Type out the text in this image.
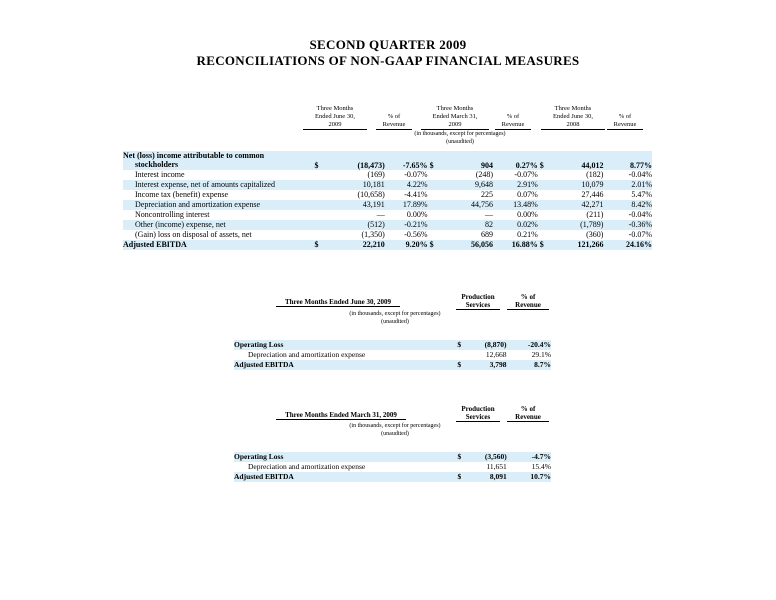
SECOND QUARTER 2009
RECONCILIATIONS OF NON-GAAP FINANCIAL MEASURES
Three Months
Ended June 30,
2009

% of
Revenue
Three Months
Ended March 31,
2009

% of
Revenue
Three Months
Ended June 30,
2008

% of
Revenue
(in thousands, except for percentages)
(unaudited)
Net (loss) income attributable to common
stockholders	$	(18,473)	-7.65%	$	904	0.27%	$	44,012	8.77%
Interest income		(169)	-0.07%		(248)	-0.07%		(182)	-0.04%
Interest expense, net of amounts capitalized		10,181	4.22%		9,648	2.91%		10,079	2.01%
Income tax (benefit) expense		(10,658)	-4.41%		225	0.07%		27,446	5.47%
Depreciation and amortization expense		43,191	17.89%		44,756	13.48%		42,271	8.42%
Noncontrolling interest		—	0.00%		—	0.00%		(211)	-0.04%
Other (income) expense, net		(512)	-0.21%		82	0.02%		(1,789)	-0.36%
(Gain) loss on disposal of assets, net		(1,350)	-0.56%		689	0.21%		(360)	-0.07%
Adjusted EBITDA	$	22,210	9.20%	$	56,056	16.88%	$	121,266	24.16%
Three Months Ended June 30, 2009
Production
Services
% of
Revenue
(in thousands, except for percentages)
(unaudited)
Operating Loss	$	(8,870)	-20.4%
Depreciation and amortization expense		12,668	29.1%
Adjusted EBITDA	$	3,798	8.7%
Three Months Ended March 31, 2009
Production
Services
% of
Revenue
(in thousands, except for percentages)
(unaudited)
Operating Loss	$	(3,560)	-4.7%
Depreciation and amortization expense		11,651	15.4%
Adjusted EBITDA	$	8,091	10.7%
